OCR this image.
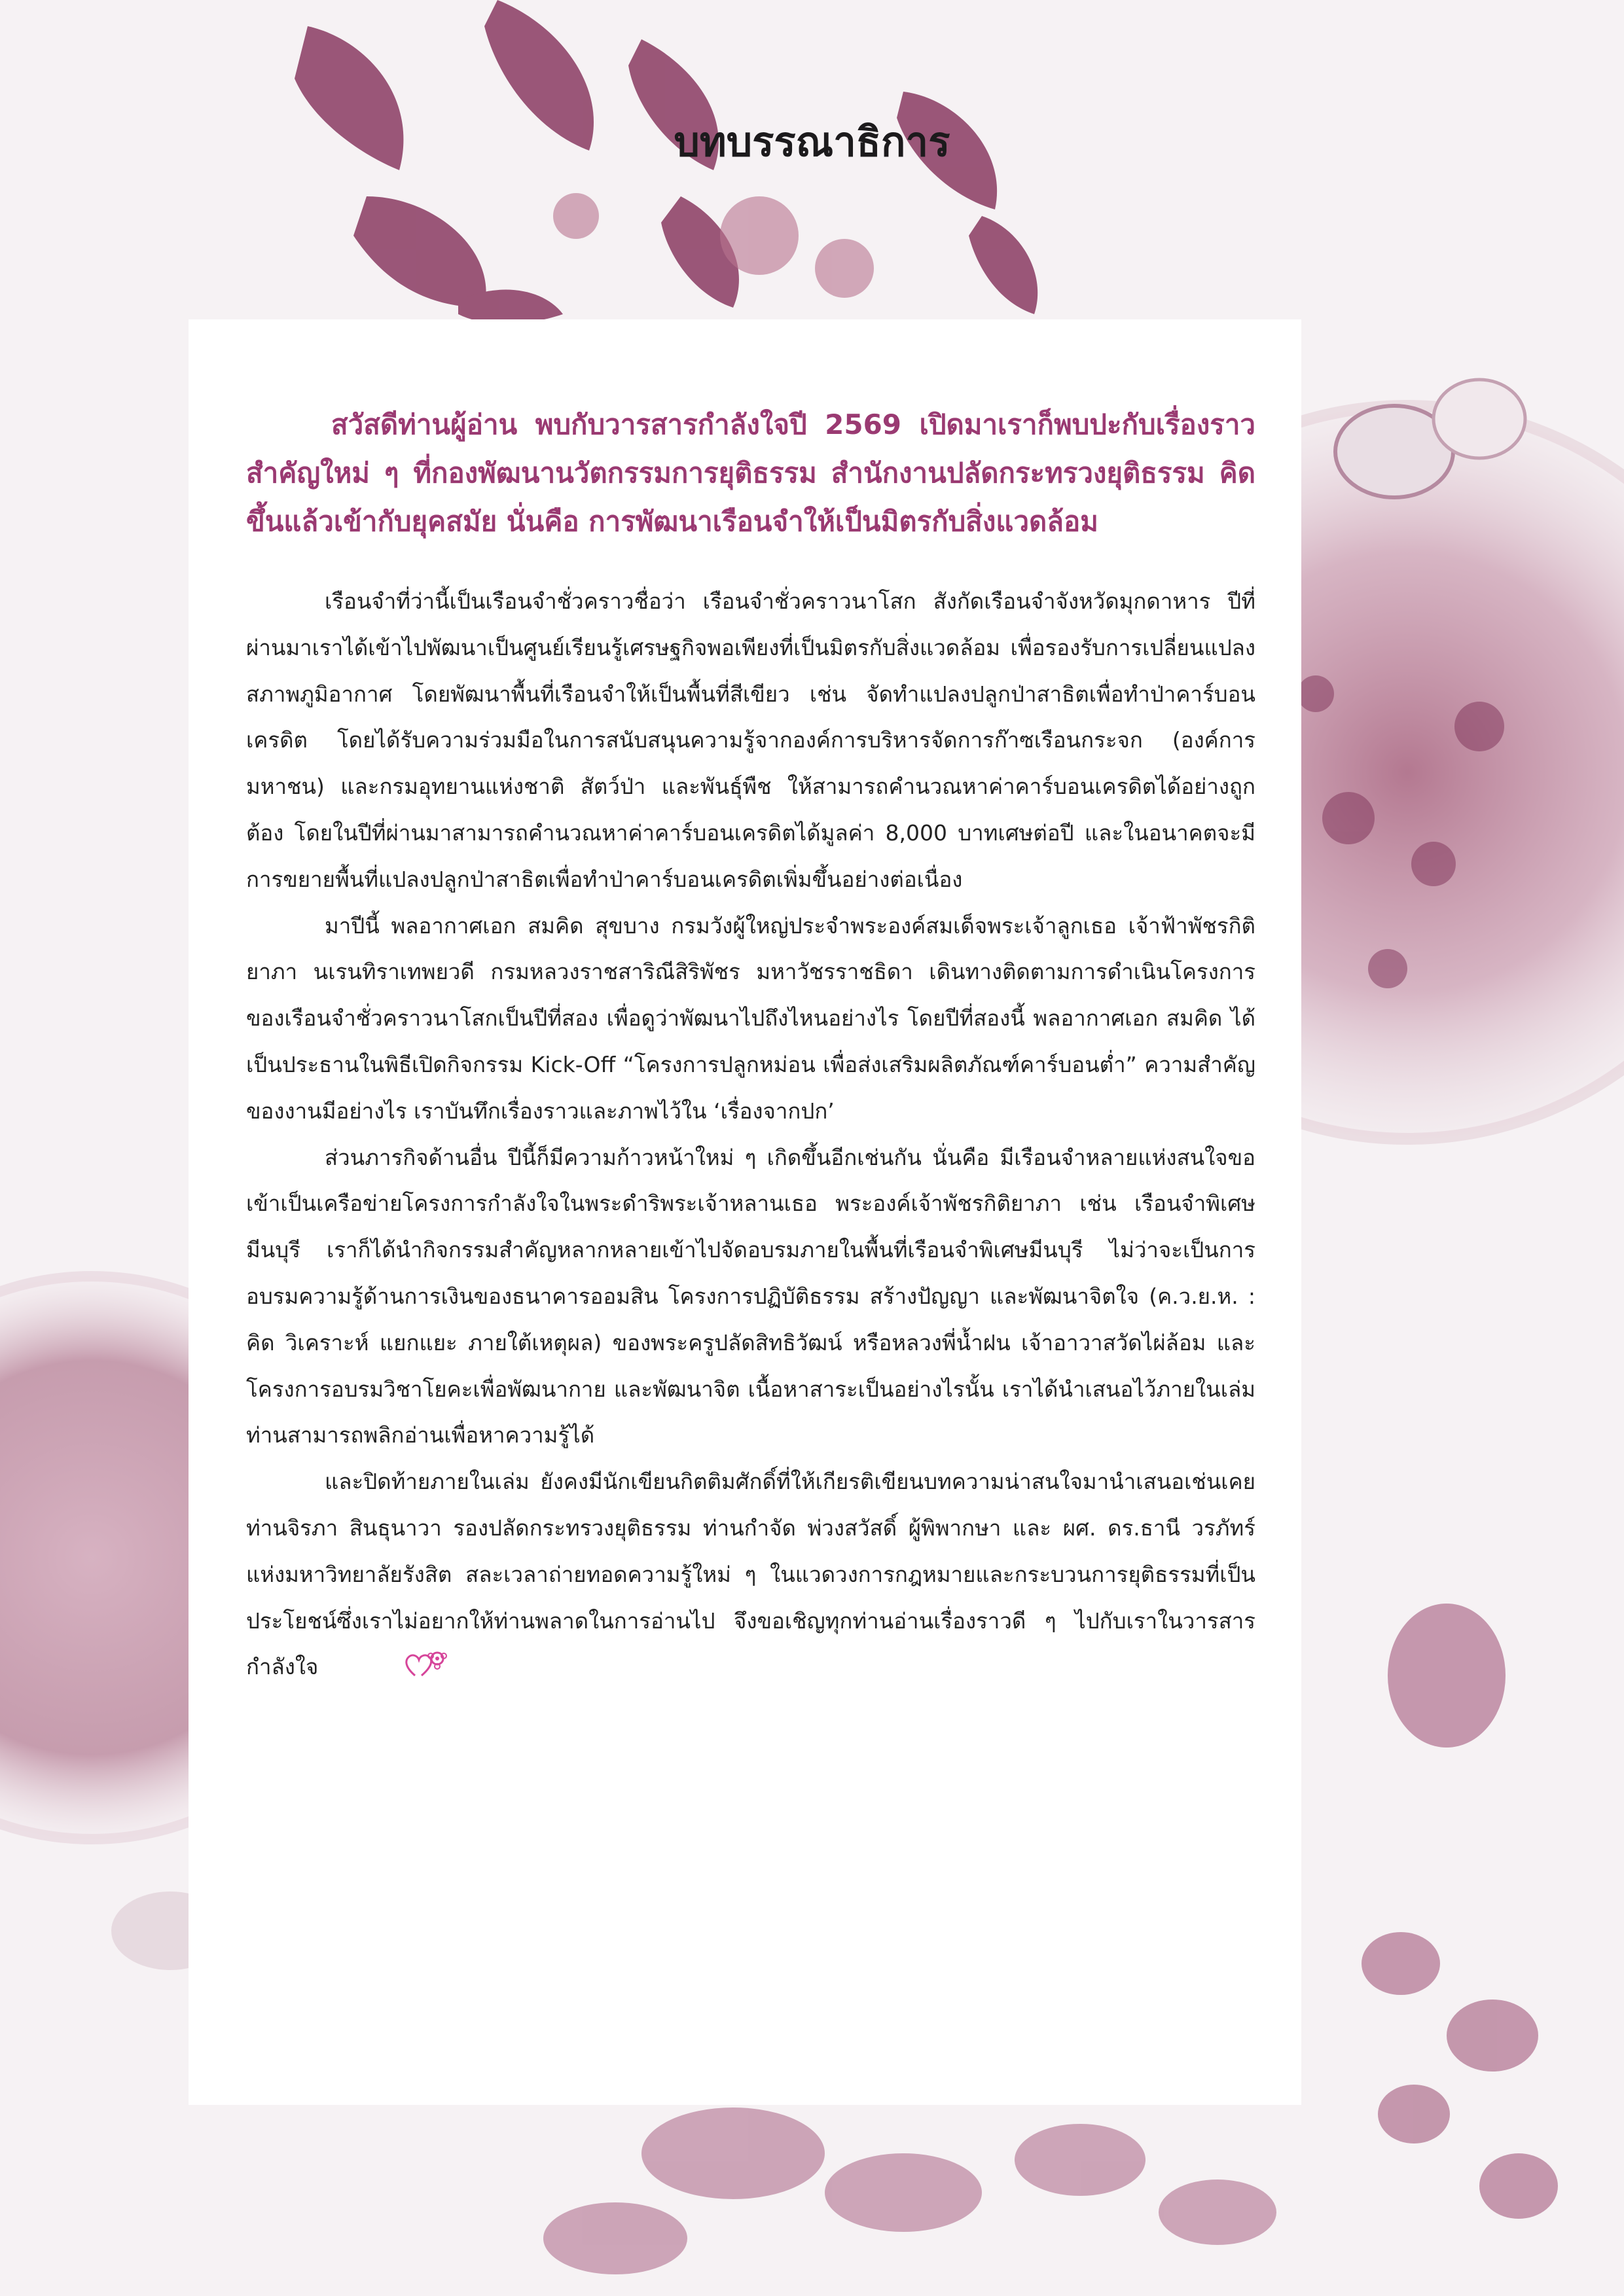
บทบรรณาธิการ

สวัสดีท่านผู้อ่าน พบกับวารสารกำลังใจปี 2569 เปิดมาเราก็พบปะกับเรื่องราวสำคัญใหม่ ๆ ที่กองพัฒนานวัตกรรมการยุติธรรม สำนักงานปลัดกระทรวงยุติธรรม คิดขึ้นแล้วเข้ากับยุคสมัย นั่นคือ การพัฒนาเรือนจำให้เป็นมิตรกับสิ่งแวดล้อม

เรือนจำที่ว่านี้เป็นเรือนจำชั่วคราวชื่อว่า เรือนจำชั่วคราวนาโสก สังกัดเรือนจำจังหวัดมุกดาหาร ปีที่ผ่านมาเราได้เข้าไปพัฒนาเป็นศูนย์เรียนรู้เศรษฐกิจพอเพียงที่เป็นมิตรกับสิ่งแวดล้อม เพื่อรองรับการเปลี่ยนแปลงสภาพภูมิอากาศ โดยพัฒนาพื้นที่เรือนจำให้เป็นพื้นที่สีเขียว เช่น จัดทำแปลงปลูกป่าสาธิตเพื่อทำป่าคาร์บอนเครดิต โดยได้รับความร่วมมือในการสนับสนุนความรู้จากองค์การบริหารจัดการก๊าซเรือนกระจก (องค์การมหาชน) และกรมอุทยานแห่งชาติ สัตว์ป่า และพันธุ์พืช ให้สามารถคำนวณหาค่าคาร์บอนเครดิตได้อย่างถูกต้อง โดยในปีที่ผ่านมาสามารถคำนวณหาค่าคาร์บอนเครดิตได้มูลค่า 8,000 บาทเศษต่อปี และในอนาคตจะมีการขยายพื้นที่แปลงปลูกป่าสาธิตเพื่อทำป่าคาร์บอนเครดิตเพิ่มขึ้นอย่างต่อเนื่อง

มาปีนี้ พลอากาศเอก สมคิด สุขบาง กรมวังผู้ใหญ่ประจำพระองค์สมเด็จพระเจ้าลูกเธอ เจ้าฟ้าพัชรกิติยาภา นเรนทิราเทพยวดี กรมหลวงราชสาริณีสิริพัชร มหาวัชรราชธิดา เดินทางติดตามการดำเนินโครงการของเรือนจำชั่วคราวนาโสกเป็นปีที่สอง เพื่อดูว่าพัฒนาไปถึงไหนอย่างไร โดยปีที่สองนี้ พลอากาศเอก สมคิด ได้เป็นประธานในพิธีเปิดกิจกรรม Kick-Off “โครงการปลูกหม่อน เพื่อส่งเสริมผลิตภัณฑ์คาร์บอนต่ำ” ความสำคัญของงานมีอย่างไร เราบันทึกเรื่องราวและภาพไว้ใน ‘เรื่องจากปก’

ส่วนภารกิจด้านอื่น ปีนี้ก็มีความก้าวหน้าใหม่ ๆ เกิดขึ้นอีกเช่นกัน นั่นคือ มีเรือนจำหลายแห่งสนใจขอเข้าเป็นเครือข่ายโครงการกำลังใจในพระดำริพระเจ้าหลานเธอ พระองค์เจ้าพัชรกิติยาภา เช่น เรือนจำพิเศษมีนบุรี เราก็ได้นำกิจกรรมสำคัญหลากหลายเข้าไปจัดอบรมภายในพื้นที่เรือนจำพิเศษมีนบุรี ไม่ว่าจะเป็นการอบรมความรู้ด้านการเงินของธนาคารออมสิน โครงการปฏิบัติธรรม สร้างปัญญา และพัฒนาจิตใจ (ค.ว.ย.ห. : คิด วิเคราะห์ แยกแยะ ภายใต้เหตุผล) ของพระครูปลัดสิทธิวัฒน์ หรือหลวงพี่น้ำฝน เจ้าอาวาสวัดไผ่ล้อม และโครงการอบรมวิชาโยคะเพื่อพัฒนากาย และพัฒนาจิต เนื้อหาสาระเป็นอย่างไรนั้น เราได้นำเสนอไว้ภายในเล่ม ท่านสามารถพลิกอ่านเพื่อหาความรู้ได้

และปิดท้ายภายในเล่ม ยังคงมีนักเขียนกิตติมศักดิ์ที่ให้เกียรติเขียนบทความน่าสนใจมานำเสนอเช่นเคย ท่านจิรภา สินธุนาวา รองปลัดกระทรวงยุติธรรม ท่านกำจัด พ่วงสวัสดิ์ ผู้พิพากษา และ ผศ. ดร.ธานี วรภัทร์ แห่งมหาวิทยาลัยรังสิต สละเวลาถ่ายทอดความรู้ใหม่ ๆ ในแวดวงการกฎหมายและกระบวนการยุติธรรมที่เป็นประโยชน์ซึ่งเราไม่อยากให้ท่านพลาดในการอ่านไป จึงขอเชิญทุกท่านอ่านเรื่องราวดี ๆ ไปกับเราในวารสารกำลังใจ
